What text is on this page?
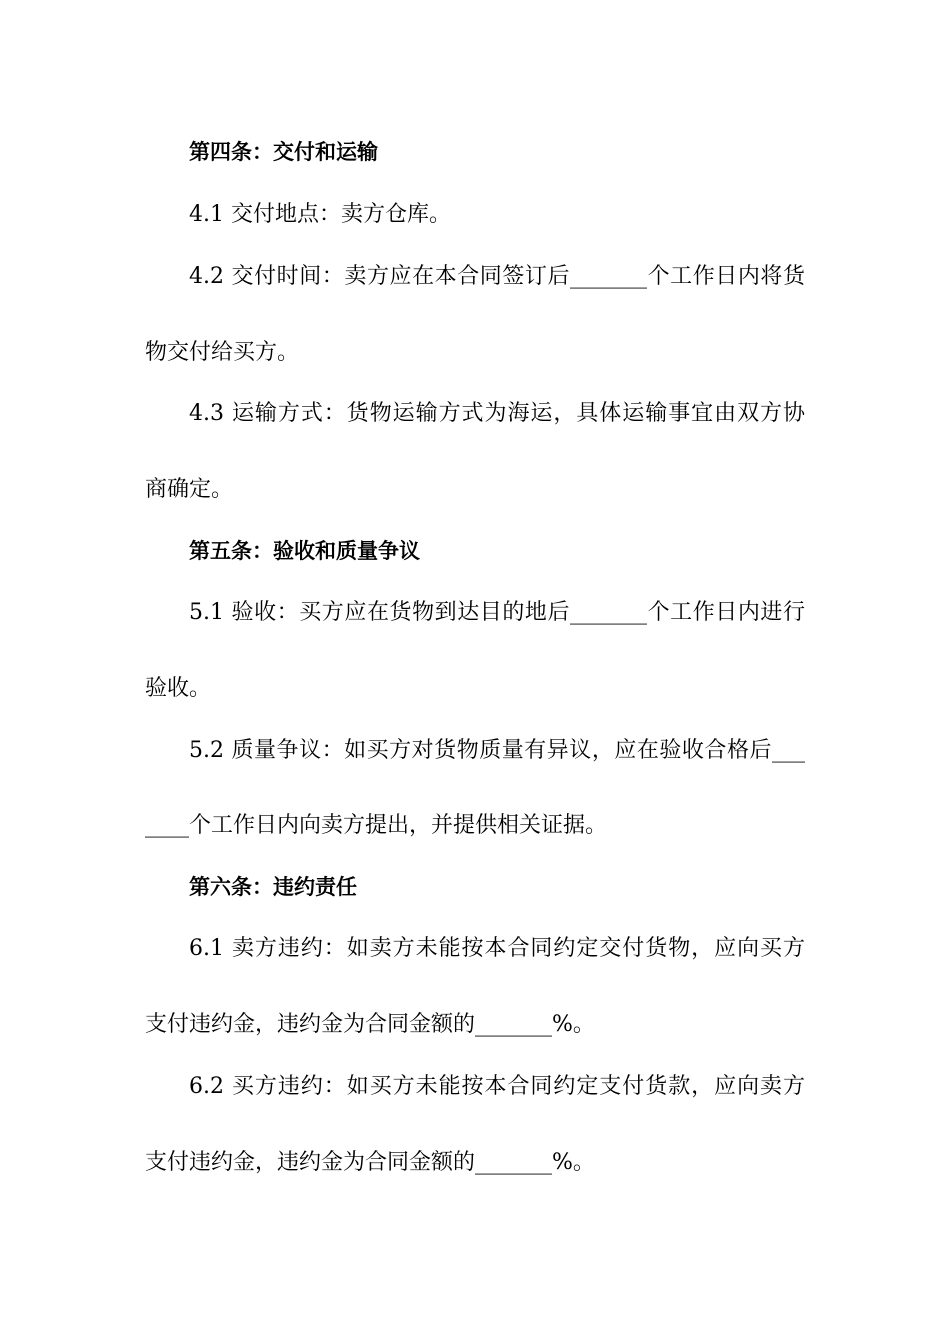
第四条：交付和运输
4.1 交付地点：卖方仓库。
4.2 交付时间：卖方应在本合同签订后_______个工作日内将货
物交付给买方。
4.3 运输方式：货物运输方式为海运，具体运输事宜由双方协
商确定。
第五条：验收和质量争议
5.1 验收：买方应在货物到达目的地后_______个工作日内进行
验收。
5.2 质量争议：如买方对货物质量有异议，应在验收合格后___
____个工作日内向卖方提出，并提供相关证据。
第六条：违约责任
6.1 卖方违约：如卖方未能按本合同约定交付货物，应向买方
支付违约金，违约金为合同金额的_______%。
6.2 买方违约：如买方未能按本合同约定支付货款，应向卖方
支付违约金，违约金为合同金额的_______%。
